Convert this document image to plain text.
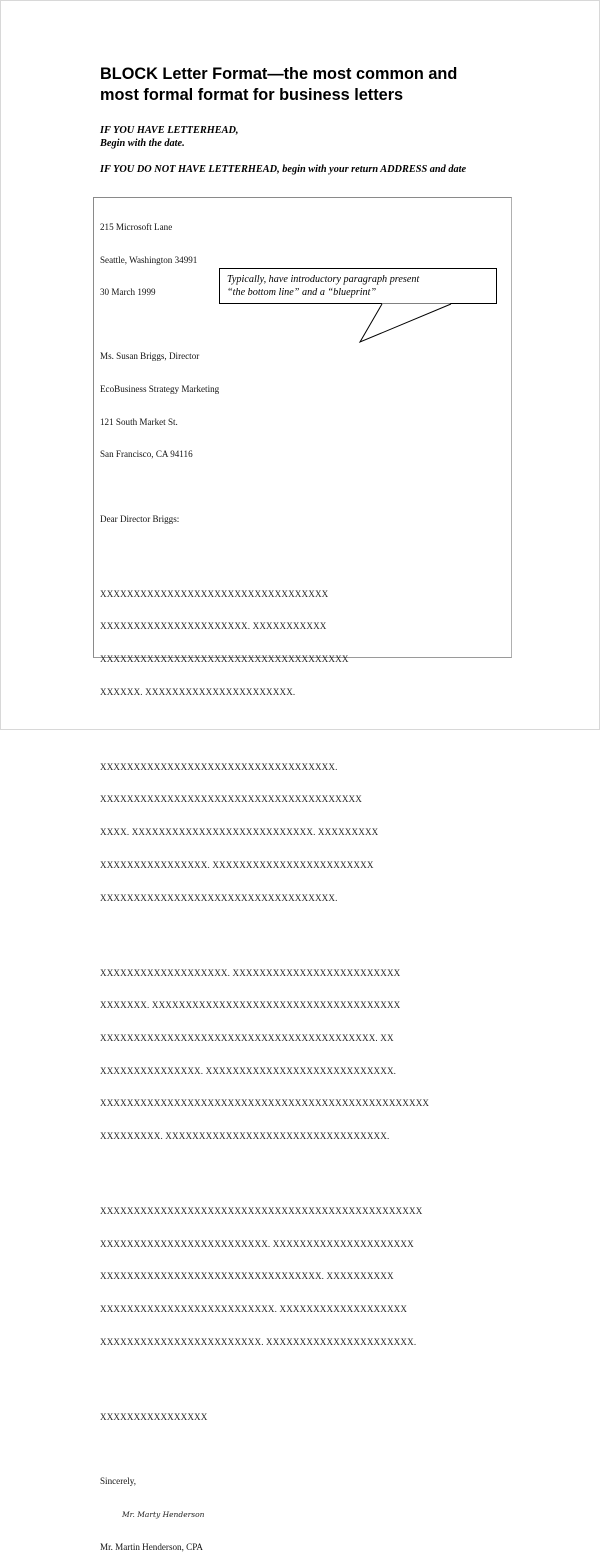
BLOCK Letter Format—the most common and
most formal format for business letters

IF YOU HAVE LETTERHEAD,

Begin with the date.

IF YOU DO NOT HAVE LETTERHEAD, begin with your return ADDRESS and date

215 Microsoft Lane

Seattle, Washington 34991

30 March 1999

Ms. Susan Briggs, Director

EcoBusiness Strategy Marketing

121 South Market St.

San Francisco, CA 94116

Dear Director Briggs:

XXXXXXXXXXXXXXXXXXXXXXXXXXXXXXXXXX

XXXXXXXXXXXXXXXXXXXXXX. XXXXXXXXXXX

XXXXXXXXXXXXXXXXXXXXXXXXXXXXXXXXXXXXX

XXXXXX. XXXXXXXXXXXXXXXXXXXXXX.

XXXXXXXXXXXXXXXXXXXXXXXXXXXXXXXXXXX.

XXXXXXXXXXXXXXXXXXXXXXXXXXXXXXXXXXXXXXX

XXXX. XXXXXXXXXXXXXXXXXXXXXXXXXXX. XXXXXXXXX

XXXXXXXXXXXXXXXX. XXXXXXXXXXXXXXXXXXXXXXXX

XXXXXXXXXXXXXXXXXXXXXXXXXXXXXXXXXXX.

XXXXXXXXXXXXXXXXXXX. XXXXXXXXXXXXXXXXXXXXXXXXX

XXXXXXX. XXXXXXXXXXXXXXXXXXXXXXXXXXXXXXXXXXXXX

XXXXXXXXXXXXXXXXXXXXXXXXXXXXXXXXXXXXXXXXX. XX

XXXXXXXXXXXXXXX. XXXXXXXXXXXXXXXXXXXXXXXXXXXX.

XXXXXXXXXXXXXXXXXXXXXXXXXXXXXXXXXXXXXXXXXXXXXXXXX

XXXXXXXXX. XXXXXXXXXXXXXXXXXXXXXXXXXXXXXXXXX.

XXXXXXXXXXXXXXXXXXXXXXXXXXXXXXXXXXXXXXXXXXXXXXXX

XXXXXXXXXXXXXXXXXXXXXXXXX. XXXXXXXXXXXXXXXXXXXXX

XXXXXXXXXXXXXXXXXXXXXXXXXXXXXXXXX. XXXXXXXXXX

XXXXXXXXXXXXXXXXXXXXXXXXXX. XXXXXXXXXXXXXXXXXXX

XXXXXXXXXXXXXXXXXXXXXXXX. XXXXXXXXXXXXXXXXXXXXXX.

XXXXXXXXXXXXXXXX

Sincerely,

Mr. Marty Henderson

Mr. Martin Henderson, CPA

Typically, have introductory paragraph present
“the bottom line” and a “blueprint”
